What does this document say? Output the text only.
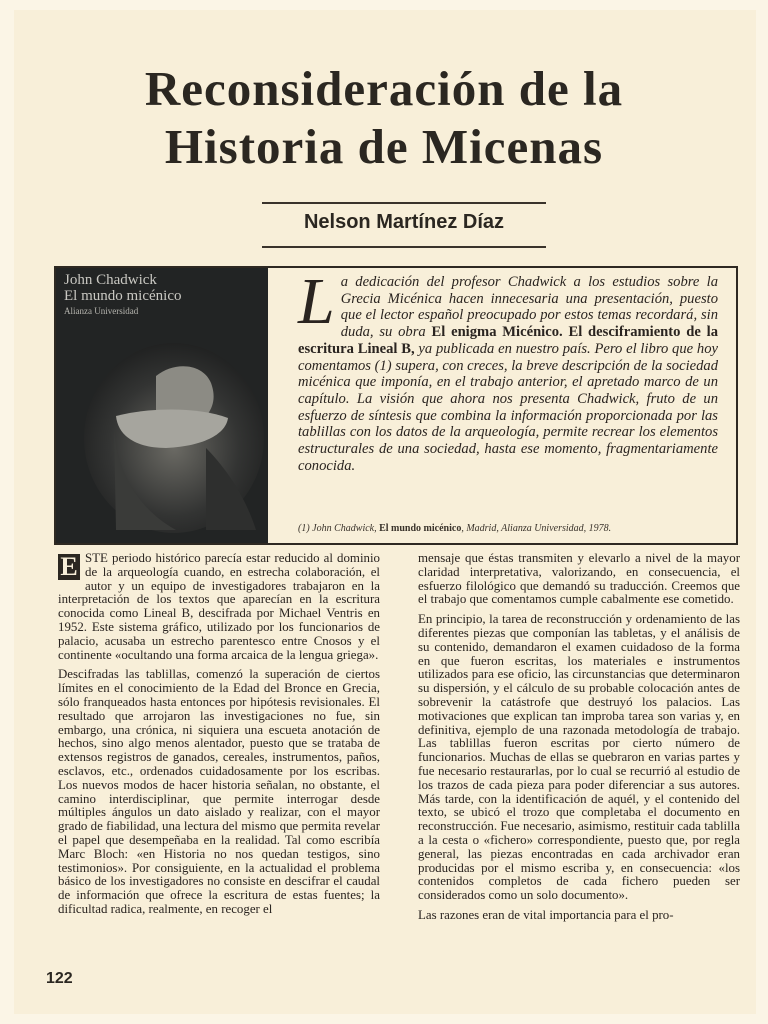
Reconsideración de la
Historia de Micenas
Nelson Martínez Díaz
John Chadwick
El mundo micénico
Alianza Universidad La dedicación del profesor Chadwick a los estudios sobre la Grecia Micénica hacen innecesaria una presentación, puesto que el lector español preocupado por estos temas recordará, sin duda, su obra El enigma Micénico. El desciframiento de la escritura Lineal B, ya publicada en nuestro país. Pero el libro que hoy comentamos (1) supera, con creces, la breve descripción de la sociedad micénica que imponía, en el trabajo anterior, el apretado marco de un capítulo. La visión que ahora nos presenta Chadwick, fruto de un esfuerzo de síntesis que combina la información proporcionada por las tablillas con los datos de la arqueología, permite recrear los elementos estructurales de una sociedad, hasta ese momento, fragmentariamente conocida.
(1) John Chadwick, El mundo micénico, Madrid, Alianza Universidad, 1978.

E STE periodo histórico parecía estar reducido al dominio de la arqueología cuando, en estrecha colaboración, el autor y un equipo de investigadores trabajaron en la interpretación de los textos que aparecían en la escritura conocida como Lineal B, descifrada por Michael Ventris en 1952. Este sistema gráfico, utilizado por los funcionarios de palacio, acusaba un estrecho parentesco entre Cnosos y el continente «ocultando una forma arcaica de la lengua griega».

Descifradas las tablillas, comenzó la superación de ciertos límites en el conocimiento de la Edad del Bronce en Grecia, sólo franqueados hasta entonces por hipótesis revisionales. El resultado que arrojaron las investigaciones no fue, sin embargo, una crónica, ni siquiera una escueta anotación de hechos, sino algo menos alentador, puesto que se trataba de extensos registros de ganados, cereales, instrumentos, paños, esclavos, etc., ordenados cuidadosamente por los escribas. Los nuevos modos de hacer historia señalan, no obstante, el camino interdisciplinar, que permite interrogar desde múltiples ángulos un dato aislado y realizar, con el mayor grado de fiabilidad, una lectura del mismo que permita revelar el papel que desempeñaba en la realidad. Tal como escribía Marc Bloch: «en Historia no nos quedan testigos, sino testimonios». Por consiguiente, en la actualidad el problema básico de los investigadores no consiste en descifrar el caudal de información que ofrece la escritura de estas fuentes; la dificultad radica, realmente, en recoger el

mensaje que éstas transmiten y elevarlo a nivel de la mayor claridad interpretativa, valorizando, en consecuencia, el esfuerzo filológico que demandó su traducción. Creemos que el trabajo que comentamos cumple cabalmente ese cometido.

En principio, la tarea de reconstrucción y ordenamiento de las diferentes piezas que componían las tabletas, y el análisis de su contenido, demandaron el examen cuidadoso de la forma en que fueron escritas, los materiales e instrumentos utilizados para ese oficio, las circunstancias que determinaron su dispersión, y el cálculo de su probable colocación antes de sobrevenir la catástrofe que destruyó los palacios. Las motivaciones que explican tan improba tarea son varias y, en definitiva, ejemplo de una razonada metodología de trabajo. Las tablillas fueron escritas por cierto número de funcionarios. Muchas de ellas se quebraron en varias partes y fue necesario restaurarlas, por lo cual se recurrió al estudio de los trazos de cada pieza para poder diferenciar a sus autores. Más tarde, con la identificación de aquél, y el contenido del texto, se ubicó el trozo que completaba el documento en reconstrucción. Fue necesario, asimismo, restituir cada tablilla a la cesta o «fichero» correspondiente, puesto que, por regla general, las piezas encontradas en cada archivador eran producidas por el mismo escriba y, en consecuencia: «los contenidos completos de cada fichero pueden ser considerados como un solo documento».

Las razones eran de vital importancia para el pro-

122
